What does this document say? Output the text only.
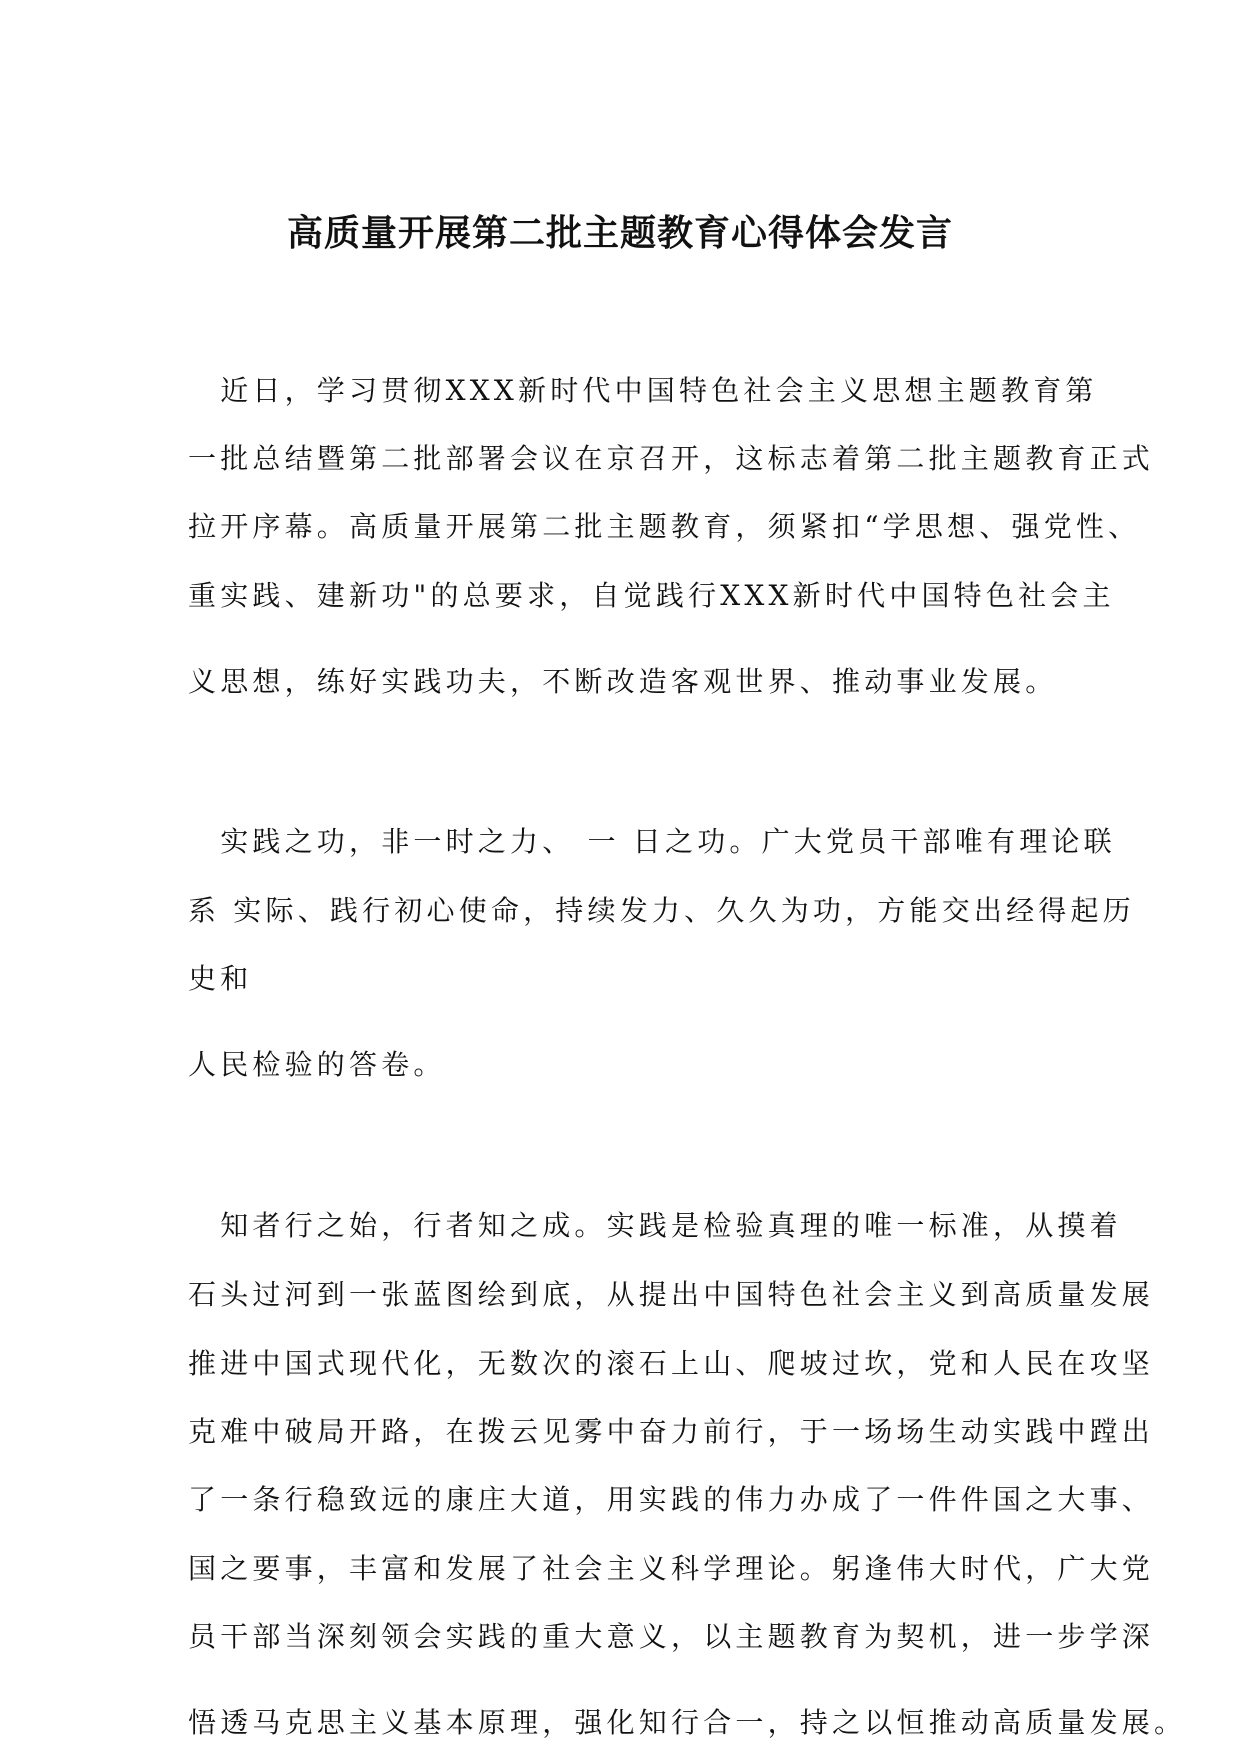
高质量开展第二批主题教育心得体会发言
　近日，学习贯彻XXX新时代中国特色社会主义思想主题教育第
一批总结暨第二批部署会议在京召开，这标志着第二批主题教育正式
拉开序幕。高质量开展第二批主题教育，须紧扣“学思想、强党性、
重实践、建新功"的总要求，自觉践行XXX新时代中国特色社会主
义思想，练好实践功夫，不断改造客观世界、推动事业发展。
　实践之功，非一时之力、 一 日之功。广大党员干部唯有理论联
系 实际、践行初心使命，持续发力、久久为功，方能交出经得起历
史和
人民检验的答卷。
　知者行之始，行者知之成。实践是检验真理的唯一标准，从摸着
石头过河到一张蓝图绘到底，从提出中国特色社会主义到高质量发展
推进中国式现代化，无数次的滚石上山、爬坡过坎，党和人民在攻坚
克难中破局开路，在拨云见雾中奋力前行，于一场场生动实践中蹚出
了一条行稳致远的康庄大道，用实践的伟力办成了一件件国之大事、
国之要事，丰富和发展了社会主义科学理论。躬逢伟大时代，广大党
员干部当深刻领会实践的重大意义，以主题教育为契机，进一步学深
悟透马克思主义基本原理，强化知行合一，持之以恒推动高质量发展。
